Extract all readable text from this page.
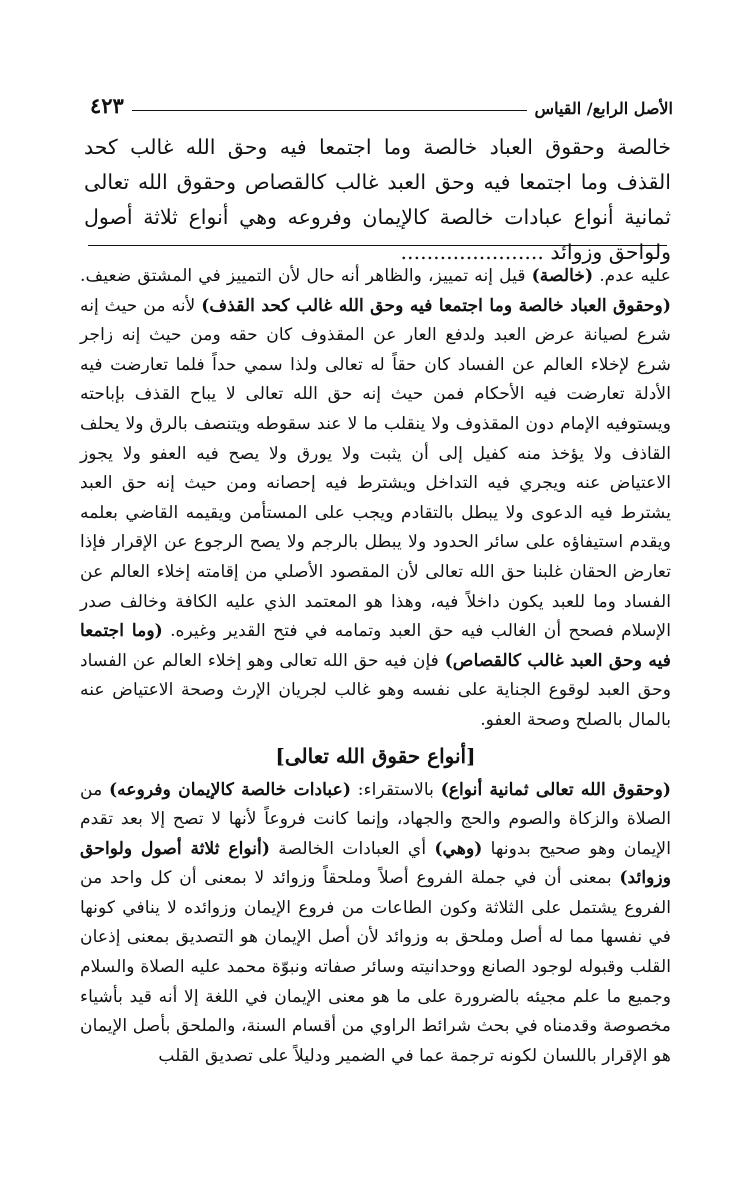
٤٢٣	الأصل الرابع/ القياس
خالصة وحقوق العباد خالصة وما اجتمعا فيه وحق الله غالب كحد القذف وما اجتمعا فيه وحق العبد غالب كالقصاص وحقوق الله تعالى ثمانية أنواع عبادات خالصة كالإيمان وفروعه وهي أنواع ثلاثة أصول ولواحق وزوائد ......................

عليه عدم. (خالصة) قيل إنه تمييز، والظاهر أنه حال لأن التمييز في المشتق ضعيف. (وحقوق العباد خالصة وما اجتمعا فيه وحق الله غالب كحد القذف) لأنه من حيث إنه شرع لصيانة عرض العبد ولدفع العار عن المقذوف كان حقه ومن حيث إنه زاجر شرع لإخلاء العالم عن الفساد كان حقاً له تعالى ولذا سمي حداً فلما تعارضت فيه الأدلة تعارضت فيه الأحكام فمن حيث إنه حق الله تعالى لا يباح القذف بإباحته ويستوفيه الإمام دون المقذوف ولا ينقلب ما لا عند سقوطه ويتنصف بالرق ولا يحلف القاذف ولا يؤخذ منه كفيل إلى أن يثبت ولا يورق ولا يصح فيه العفو ولا يجوز الاعتياض عنه ويجري فيه التداخل ويشترط فيه إحصانه ومن حيث إنه حق العبد يشترط فيه الدعوى ولا يبطل بالتقادم ويجب على المستأمن ويقيمه القاضي بعلمه ويقدم استيفاؤه على سائر الحدود ولا يبطل بالرجم ولا يصح الرجوع عن الإقرار فإذا تعارض الحقان غلبنا حق الله تعالى لأن المقصود الأصلي من إقامته إخلاء العالم عن الفساد وما للعبد يكون داخلاً فيه، وهذا هو المعتمد الذي عليه الكافة وخالف صدر الإسلام فصحح أن الغالب فيه حق العبد وتمامه في فتح القدير وغيره. (وما اجتمعا فيه وحق العبد غالب كالقصاص) فإن فيه حق الله تعالى وهو إخلاء العالم عن الفساد وحق العبد لوقوع الجناية على نفسه وهو غالب لجريان الإرث وصحة الاعتياض عنه بالمال بالصلح وصحة العفو.

[أنواع حقوق الله تعالى]

(وحقوق الله تعالى ثمانية أنواع) بالاستقراء: (عبادات خالصة كالإيمان وفروعه) من الصلاة والزكاة والصوم والحج والجهاد، وإنما كانت فروعاً لأنها لا تصح إلا بعد تقدم الإيمان وهو صحيح بدونها (وهي) أي العبادات الخالصة (أنواع ثلاثة أصول ولواحق وزوائد) بمعنى أن في جملة الفروع أصلاً وملحقاً وزوائد لا بمعنى أن كل واحد من الفروع يشتمل على الثلاثة وكون الطاعات من فروع الإيمان وزوائده لا ينافي كونها في نفسها مما له أصل وملحق به وزوائد لأن أصل الإيمان هو التصديق بمعنى إذعان القلب وقبوله لوجود الصانع ووحدانيته وسائر صفاته ونبوّة محمد عليه الصلاة والسلام وجميع ما علم مجيئه بالضرورة على ما هو معنى الإيمان في اللغة إلا أنه قيد بأشياء مخصوصة وقدمناه في بحث شرائط الراوي من أقسام السنة، والملحق بأصل الإيمان هو الإقرار باللسان لكونه ترجمة عما في الضمير ودليلاً على تصديق القلب
